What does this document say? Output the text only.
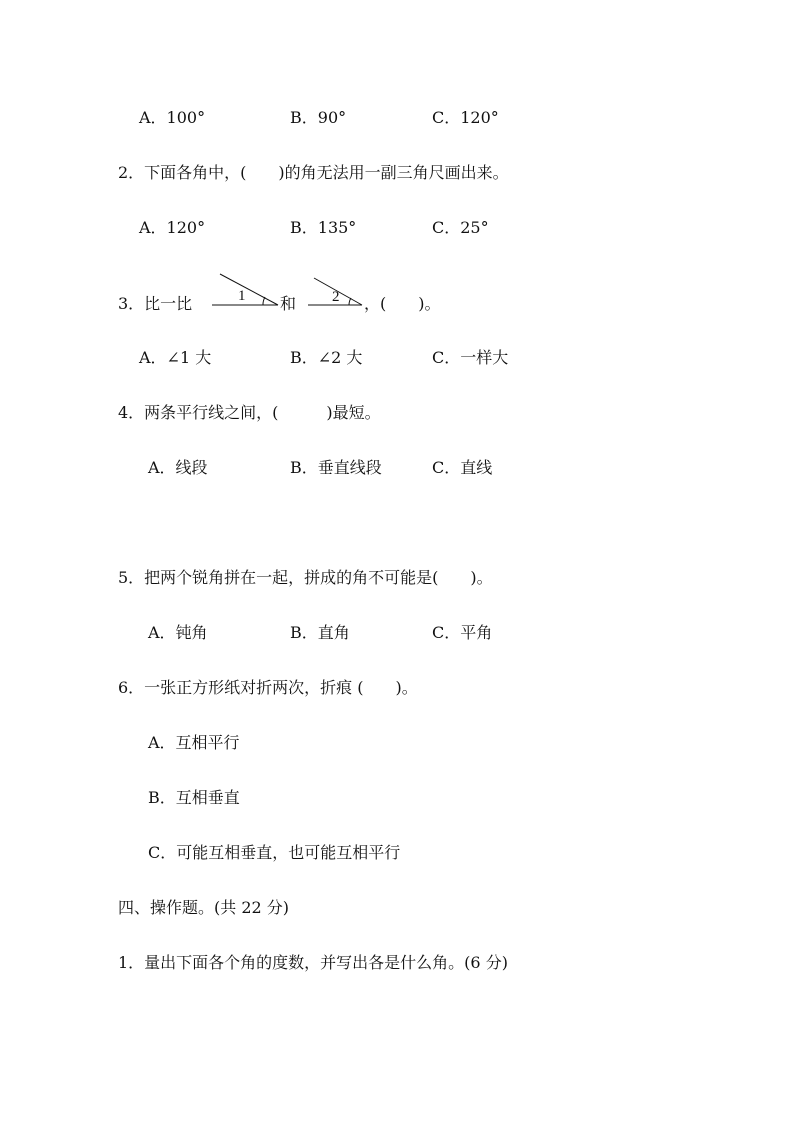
A．100°	B．90°	C．120°
2．下面各角中，(　　)的角无法用一副三角尺画出来。
A．120°	B．135°	C．25°
3．比一比	1 和 2 ，(　　)。
A．∠1 大	B．∠2 大	C．一样大
4．两条平行线之间，(　　　)最短。
A．线段	B．垂直线段	C．直线
5．把两个锐角拼在一起，拼成的角不可能是(　　)。
A．钝角	B．直角	C．平角
6．一张正方形纸对折两次，折痕 (　　)。
A．互相平行
B．互相垂直
C．可能互相垂直，也可能互相平行
四、操作题。(共 22 分)
1．量出下面各个角的度数，并写出各是什么角。(6 分)
